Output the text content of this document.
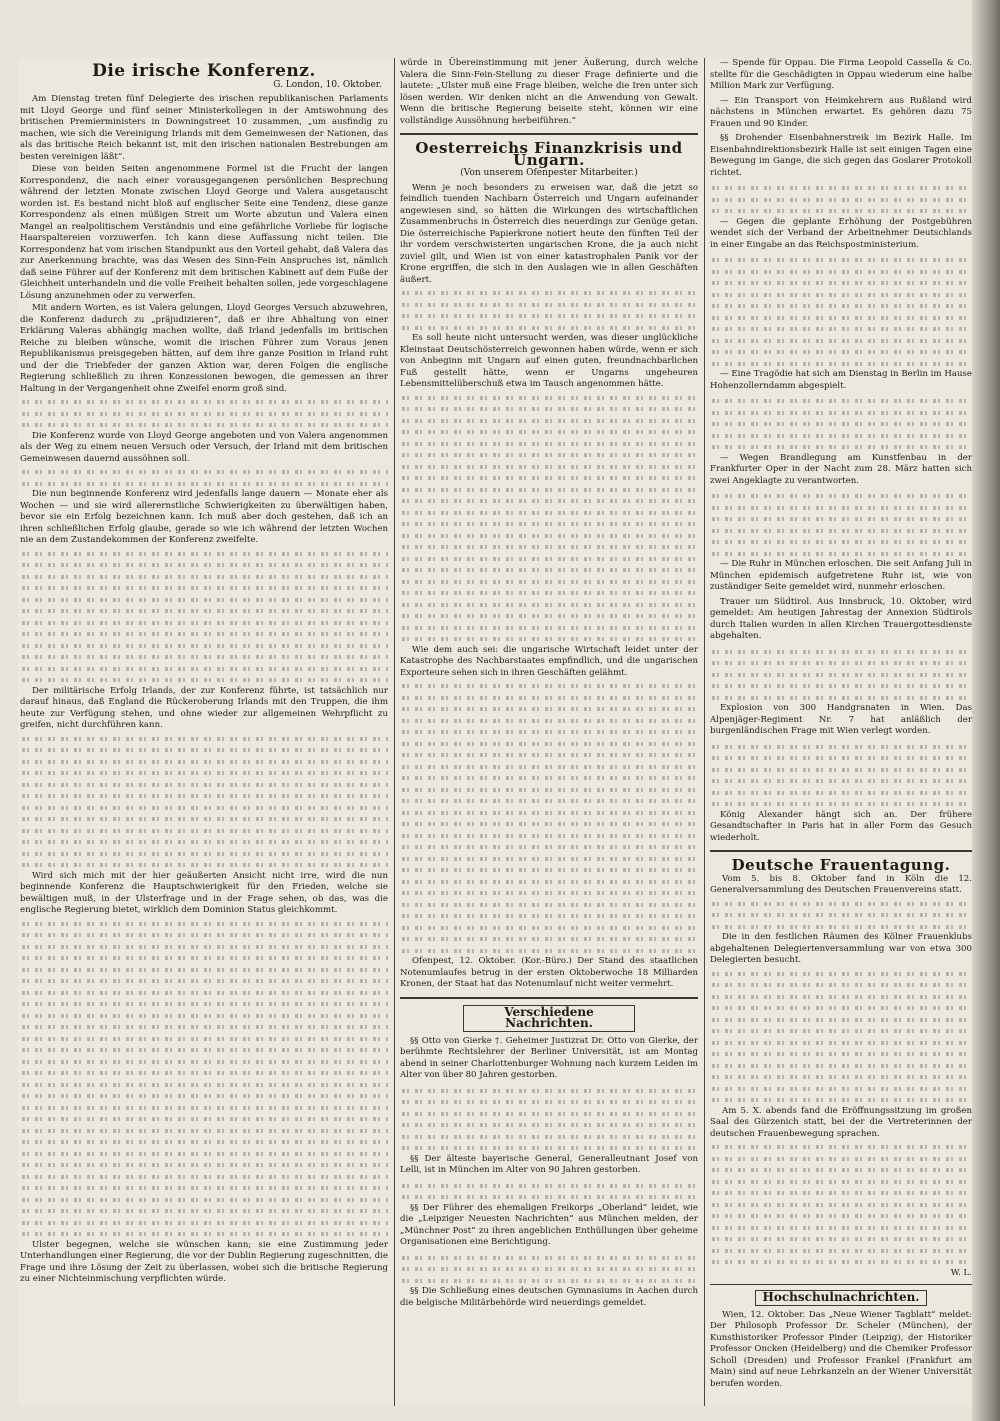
Die irische Konferenz.
G. London, 10. Oktober.

Am Dienstag treten fünf Delegierte des irischen republikanischen Parlaments mit Lloyd George und fünf seiner Ministerkollegen in der Amtswohnung des britischen Premierministers in Downingstreet 10 zusammen, „um ausfindig zu machen, wie sich die Vereinigung Irlands mit dem Gemeinwesen der Nationen, das als das britische Reich bekannt ist, mit den irischen nationalen Bestrebungen am besten vereinigen läßt“.

Diese von beiden Seiten angenommene Formel ist die Frucht der langen Korrespondenz, die nach einer vorausgegangenen persönlichen Besprechung während der letzten Monate zwischen Lloyd George und Valera ausgetauscht worden ist. Es bestand nicht bloß auf englischer Seite eine Tendenz, diese ganze Korrespondenz als einen müßigen Streit um Worte abzutun und Valera einen Mangel an realpolitischem Verständnis und eine gefährliche Vorliebe für logische Haarspaltereien vorzuwerfen. Ich kann diese Auffassung nicht teilen. Die Korrespondenz hat vom irischen Standpunkt aus den Vorteil gehabt, daß Valera das zur Anerkennung brachte, was das Wesen des Sinn-Fein Anspruches ist, nämlich daß seine Führer auf der Konferenz mit dem britischen Kabinett auf dem Fuße der Gleichheit unterhandeln und die volle Freiheit behalten sollen, jede vorgeschlagene Lösung anzunehmen oder zu verwerfen.

Mit andern Worten, es ist Valera gelungen, Lloyd Georges Versuch abzuwehren, die Konferenz dadurch zu „präjudizieren“, daß er ihre Abhaltung von einer Erklärung Valeras abhängig machen wollte, daß Irland jedenfalls im britischen Reiche zu bleiben wünsche, womit die irischen Führer zum Voraus jenen Republikanismus preisgegeben hätten, auf dem ihre ganze Position in Irland ruht und der die Triebfeder der ganzen Aktion war, deren Folgen die englische Regierung schließlich zu ihren Konzessionen bewogen, die gemessen an ihrer Haltung in der Vergangenheit ohne Zweifel enorm groß sind.

Die Konferenz wurde von Lloyd George angeboten und von Valera angenommen als der Weg zu einem neuen Versuch oder Versuch, der Irland mit dem britischen Gemeinwesen dauernd aussöhnen soll.

Die nun beginnende Konferenz wird jedenfalls lange dauern — Monate eher als Wochen — und sie wird allerernstliche Schwierigkeiten zu überwältigen haben, bevor sie ein Erfolg bezeichnen kann. Ich muß aber doch gestehen, daß ich an ihren schließlichen Erfolg glaube, gerade so wie ich während der letzten Wochen nie an dem Zustandekommen der Konferenz zweifelte.

Der militärische Erfolg Irlands, der zur Konferenz führte, ist tatsächlich nur darauf hinaus, daß England die Rückeroberung Irlands mit den Truppen, die ihm heute zur Verfügung stehen, und ohne wieder zur allgemeinen Wehrpflicht zu greifen, nicht durchführen kann.

Wird sich mich mit der hier geäußerten Ansicht nicht irre, wird die nun beginnende Konferenz die Hauptschwierigkeit für den Frieden, welche sie bewältigen muß, in der Ulsterfrage und in der Frage sehen, ob das, was die englische Regierung bietet, wirklich dem Dominion Status gleichkommt.

Ulster begegnen, welche sie wünschen kann; sie eine Zustimmung jeder Unterhandlungen einer Regierung, die vor der Dublin Regierung zugeschnitten, die Frage und ihre Lösung der Zeit zu überlassen, wobei sich die britische Regierung zu einer Nichteinmischung verpflichten würde.

würde in Übereinstimmung mit jener Äußerung, durch welche Valera die Sinn-Fein-Stellung zu dieser Frage definierte und die lautete: „Ulster muß eine Frage bleiben, welche die Iren unter sich lösen werden. Wir denken nicht an die Anwendung von Gewalt. Wenn die britische Regierung beiseite steht, können wir eine vollständige Aussöhnung herbeiführen.“

Oesterreichs Finanzkrisis und Ungarn.
(Von unserem Ofenpester Mitarbeiter.)

Wenn je noch besonders zu erweisen war, daß die jetzt so feindlich tuenden Nachbarn Österreich und Ungarn aufeinander angewiesen sind, so hätten die Wirkungen des wirtschaftlichen Zusammenbruchs in Österreich dies neuerdings zur Genüge getan. Die österreichische Papierkrone notiert heute den fünften Teil der ihr vordem verschwisterten ungarischen Krone, die ja auch nicht zuviel gilt, und Wien ist von einer katastrophalen Panik vor der Krone ergriffen, die sich in den Auslagen wie in allen Geschäften äußert.

Es soll heute nicht untersucht werden, was dieser unglückliche Kleinstaat Deutschösterreich gewonnen haben würde, wenn er sich von Anbeginn mit Ungarn auf einen guten, freundnachbarlichen Fuß gestellt hätte, wenn er Ungarns ungeheuren Lebensmittelüberschuß etwa im Tausch angenommen hätte.

Wie dem auch sei: die ungarische Wirtschaft leidet unter der Katastrophe des Nachbarstaates empfindlich, und die ungarischen Exporteure sehen sich in ihren Geschäften gelähmt.

Ofenpest, 12. Oktober. (Kor.-Büro.) Der Stand des staatlichen Notenumlaufes betrug in der ersten Oktoberwoche 18 Milliarden Kronen, der Staat hat das Notenumlauf nicht weiter vermehrt.

Verschiedene Nachrichten.

§§ Otto von Gierke †. Geheimer Justizrat Dr. Otto von Gierke, der berühmte Rechtslehrer der Berliner Universität, ist am Montag abend in seiner Charlottenburger Wohnung nach kurzem Leiden im Alter von über 80 Jahren gestorben.

§§ Der älteste bayerische General, Generalleutnant Josef von Lelli, ist in München im Alter von 90 Jahren gestorben.

§§ Der Führer des ehemaligen Freikorps „Oberland“ leidet, wie die „Leipziger Neuesten Nachrichten“ aus München melden, der „Münchner Post“ zu ihren angeblichen Enthüllungen über geheime Organisationen eine Berichtigung.

§§ Die Schließung eines deutschen Gymnasiums in Aachen durch die belgische Militärbehörde wird neuerdings gemeldet.

— Spende für Oppau. Die Firma Leopold Cassella & Co. stellte für die Geschädigten in Oppau wiederum eine halbe Million Mark zur Verfügung.

— Ein Transport von Heimkehrern aus Rußland wird nächstens in München erwartet. Es gehören dazu 75 Frauen und 90 Kinder.

§§ Drohender Eisenbahnerstreik im Bezirk Halle. Im Eisenbahndirektionsbezirk Halle ist seit einigen Tagen eine Bewegung im Gange, die sich gegen das Goslarer Protokoll richtet.

— Gegen die geplante Erhöhung der Postgebühren wendet sich der Verband der Arbeitnehmer Deutschlands in einer Eingabe an das Reichspostministerium.

— Eine Tragödie hat sich am Dienstag in Berlin im Hause Hohenzollerndamm abgespielt.

— Wegen Brandlegung am Kunstfenbau in der Frankfurter Oper in der Nacht zum 28. März hatten sich zwei Angeklagte zu verantworten.

— Die Ruhr in München erloschen. Die seit Anfang Juli in München epidemisch aufgetretene Ruhr ist, wie von zuständiger Seite gemeldet wird, nunmehr erloschen.

Trauer um Südtirol. Aus Innsbruck, 10. Oktober, wird gemeldet: Am heutigen Jahrestag der Annexion Südtirols durch Italien wurden in allen Kirchen Trauergottesdienste abgehalten.

Explosion von 300 Handgranaten in Wien. Das Alpenjäger-Regiment Nr. 7 hat anläßlich der burgenländischen Frage mit Wien verlegt worden.

König Alexander hängt sich an. Der frühere Gesandtschafter in Paris hat in aller Form das Gesuch wiederholt.

Deutsche Frauentagung.

Vom 5. bis 8. Oktober fand in Köln die 12. Generalversammlung des Deutschen Frauenvereins statt.

Die in den festlichen Räumen des Kölner Frauenklubs abgehaltenen Delegiertenversammlung war von etwa 300 Delegierten besucht.

Am 5. X. abends fand die Eröffnungssitzung im großen Saal des Gürzenich statt, bei der die Vertreterinnen der deutschen Frauenbewegung sprachen.

W. L.
Hochschulnachrichten.

Wien, 12. Oktober. Das „Neue Wiener Tagblatt“ meldet: Der Philosoph Professor Dr. Scheler (München), der Kunsthistoriker Professor Pinder (Leipzig), der Historiker Professor Oncken (Heidelberg) und die Chemiker Professor Scholl (Dresden) und Professor Frankel (Frankfurt am Main) sind auf neue Lehrkanzeln an der Wiener Universität berufen worden.
